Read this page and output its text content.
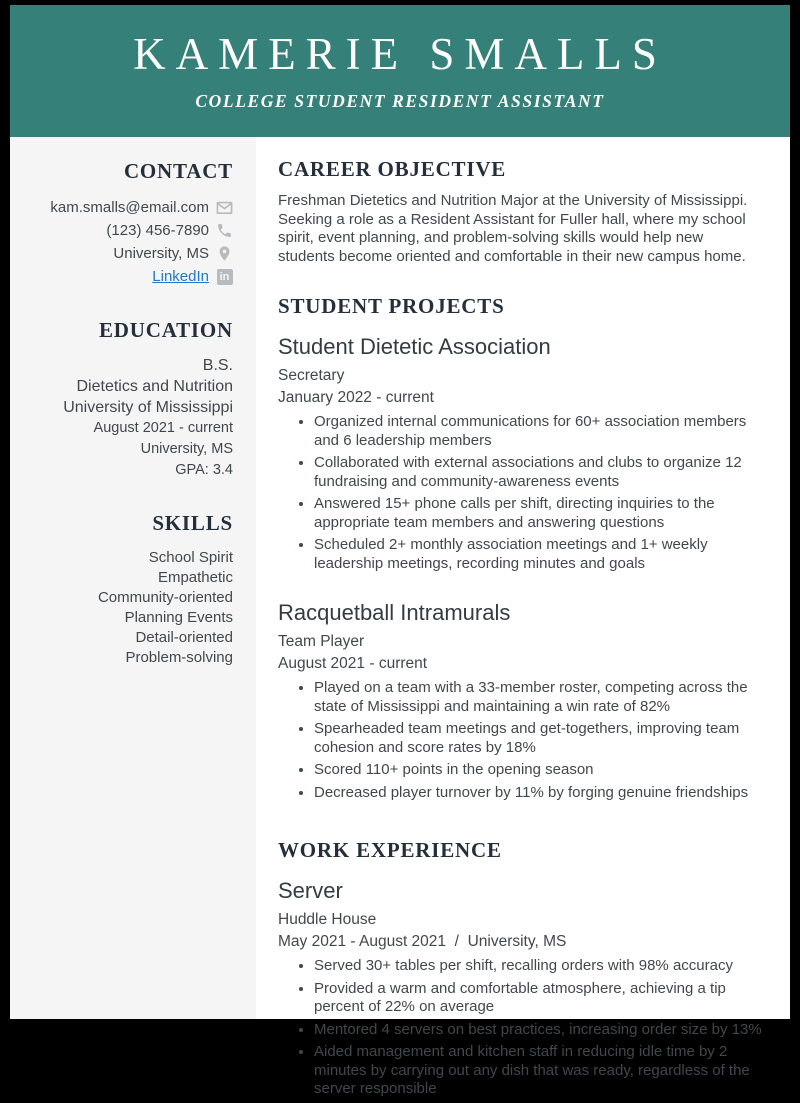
KAMERIE SMALLS
COLLEGE STUDENT RESIDENT ASSISTANT
CONTACT
kam.smalls@email.com
(123) 456-7890
University, MS
LinkedIn in
EDUCATION
B.S.
Dietetics and Nutrition
University of Mississippi
August 2021 - current
University, MS
GPA: 3.4
SKILLS
School Spirit
Empathetic
Community-oriented
Planning Events
Detail-oriented
Problem-solving
CAREER OBJECTIVE
Freshman Dietetics and Nutrition Major at the University of Mississippi. Seeking a role as a Resident Assistant for Fuller hall, where my school spirit, event planning, and problem-solving skills would help new students become oriented and comfortable in their new campus home.
STUDENT PROJECTS
Student Dietetic Association
Secretary
January 2022 - current
• Organized internal communications for 60+ association members and 6 leadership members
• Collaborated with external associations and clubs to organize 12 fundraising and community-awareness events
• Answered 15+ phone calls per shift, directing inquiries to the appropriate team members and answering questions
• Scheduled 2+ monthly association meetings and 1+ weekly leadership meetings, recording minutes and goals
Racquetball Intramurals
Team Player
August 2021 - current
• Played on a team with a 33-member roster, competing across the state of Mississippi and maintaining a win rate of 82%
• Spearheaded team meetings and get-togethers, improving team cohesion and score rates by 18%
• Scored 110+ points in the opening season
• Decreased player turnover by 11% by forging genuine friendships
WORK EXPERIENCE
Server
Huddle House
May 2021 - August 2021  /  University, MS
• Served 30+ tables per shift, recalling orders with 98% accuracy
• Provided a warm and comfortable atmosphere, achieving a tip percent of 22% on average
• Mentored 4 servers on best practices, increasing order size by 13%
• Aided management and kitchen staff in reducing idle time by 2 minutes by carrying out any dish that was ready, regardless of the server responsible
